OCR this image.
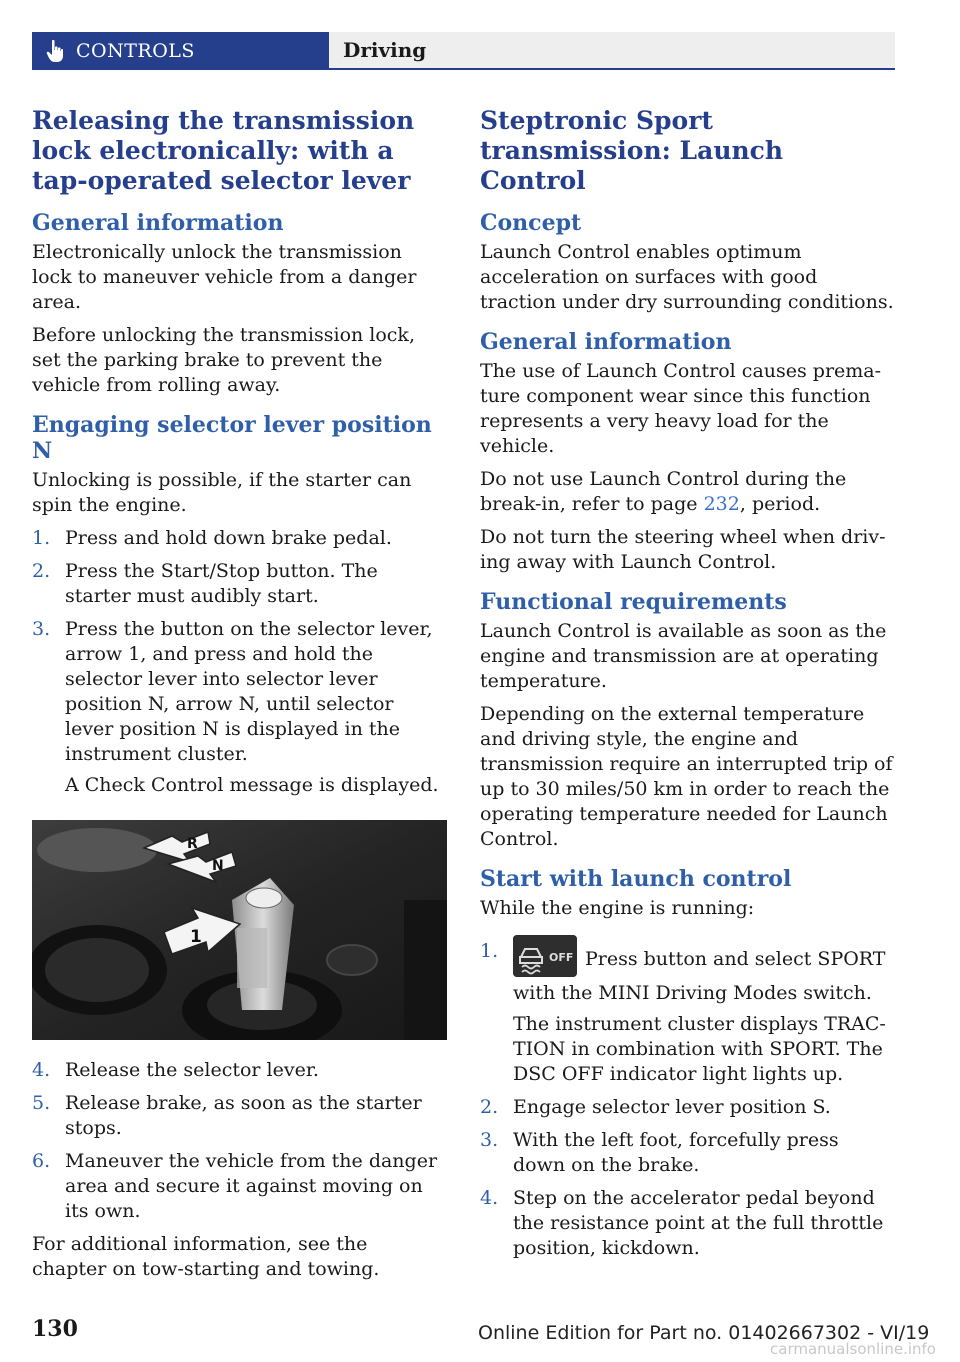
CONTROLS	Driving
Releasing the transmission lock electronically: with a tap-operated selector lever
General information

Electronically unlock the transmission lock to maneuver vehicle from a danger area.

Before unlocking the transmission lock, set the parking brake to prevent the vehicle from rolling away.

Engaging selector lever position N

Unlocking is possible, if the starter can spin the engine.

1. Press and hold down brake pedal.
2. Press the Start/Stop button. The starter must audibly start.
3. Press the button on the selector lever, arrow 1, and press and hold the selector lever into selector lever position N, arrow N, until selector lever position N is displayed in the instrument cluster.

A Check Control message is displayed.

R
N
1
4. Release the selector lever.
5. Release brake, as soon as the starter stops.
6. Maneuver the vehicle from the danger area and secure it against moving on its own.

For additional information, see the chapter on tow-starting and towing.

Steptronic Sport transmission: Launch Control
Concept

Launch Control enables optimum acceleration on surfaces with good traction under dry surrounding conditions.

General information

The use of Launch Control causes premature component wear since this function represents a very heavy load for the vehicle.

Do not use Launch Control during the break-in, refer to page 232, period.

Do not turn the steering wheel when driving away with Launch Control.

Functional requirements

Launch Control is available as soon as the engine and transmission are at operating temperature.

Depending on the external temperature and driving style, the engine and transmission require an interrupted trip of up to 30 miles/50 km in order to reach the operating temperature needed for Launch Control.

Start with launch control

While the engine is running:

1.	OFF Press button and select SPORT with the MINI Driving Modes switch.

The instrument cluster displays TRACTION in combination with SPORT. The DSC OFF indicator light lights up.

2. Engage selector lever position S.
3. With the left foot, forcefully press down on the brake.
4. Step on the accelerator pedal beyond the resistance point at the full throttle position, kickdown.
130	Online Edition for Part no. 01402667302 - VI/19
carmanualsonline.info
